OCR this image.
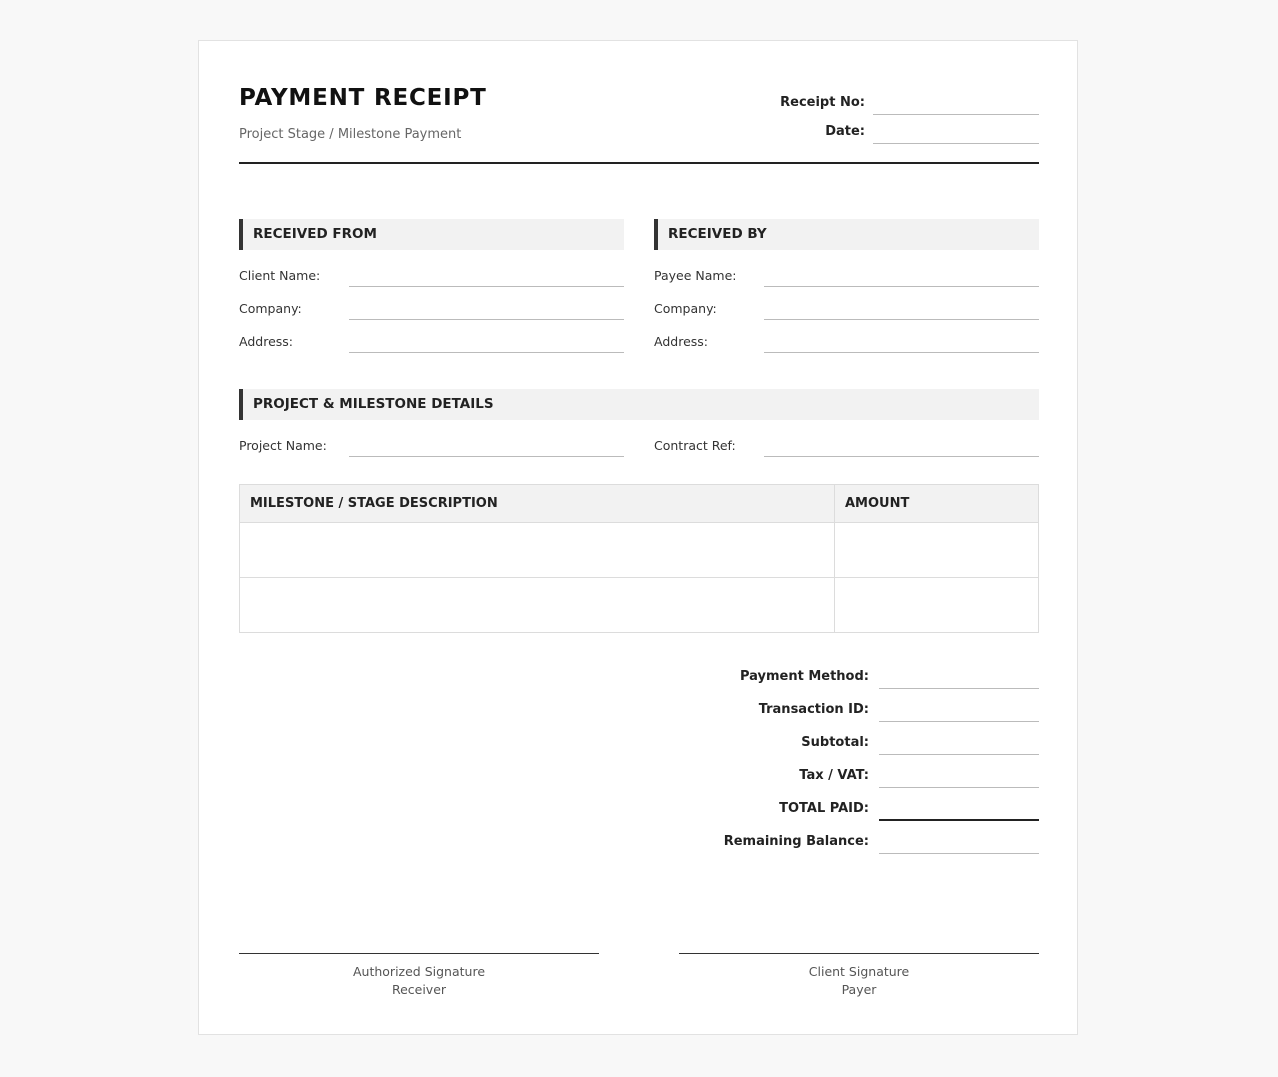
PAYMENT RECEIPT
Project Stage / Milestone Payment
Receipt No:
Date:
RECEIVED FROM
Client Name:
Company:
Address:
RECEIVED BY
Payee Name:
Company:
Address:
PROJECT & MILESTONE DETAILS
Project Name:	Contract Ref:
MILESTONE / STAGE DESCRIPTION	AMOUNT

Payment Method:
Transaction ID:
Subtotal:
Tax / VAT:
TOTAL PAID:
Remaining Balance:
Authorized Signature
Receiver
Client Signature
Payer
